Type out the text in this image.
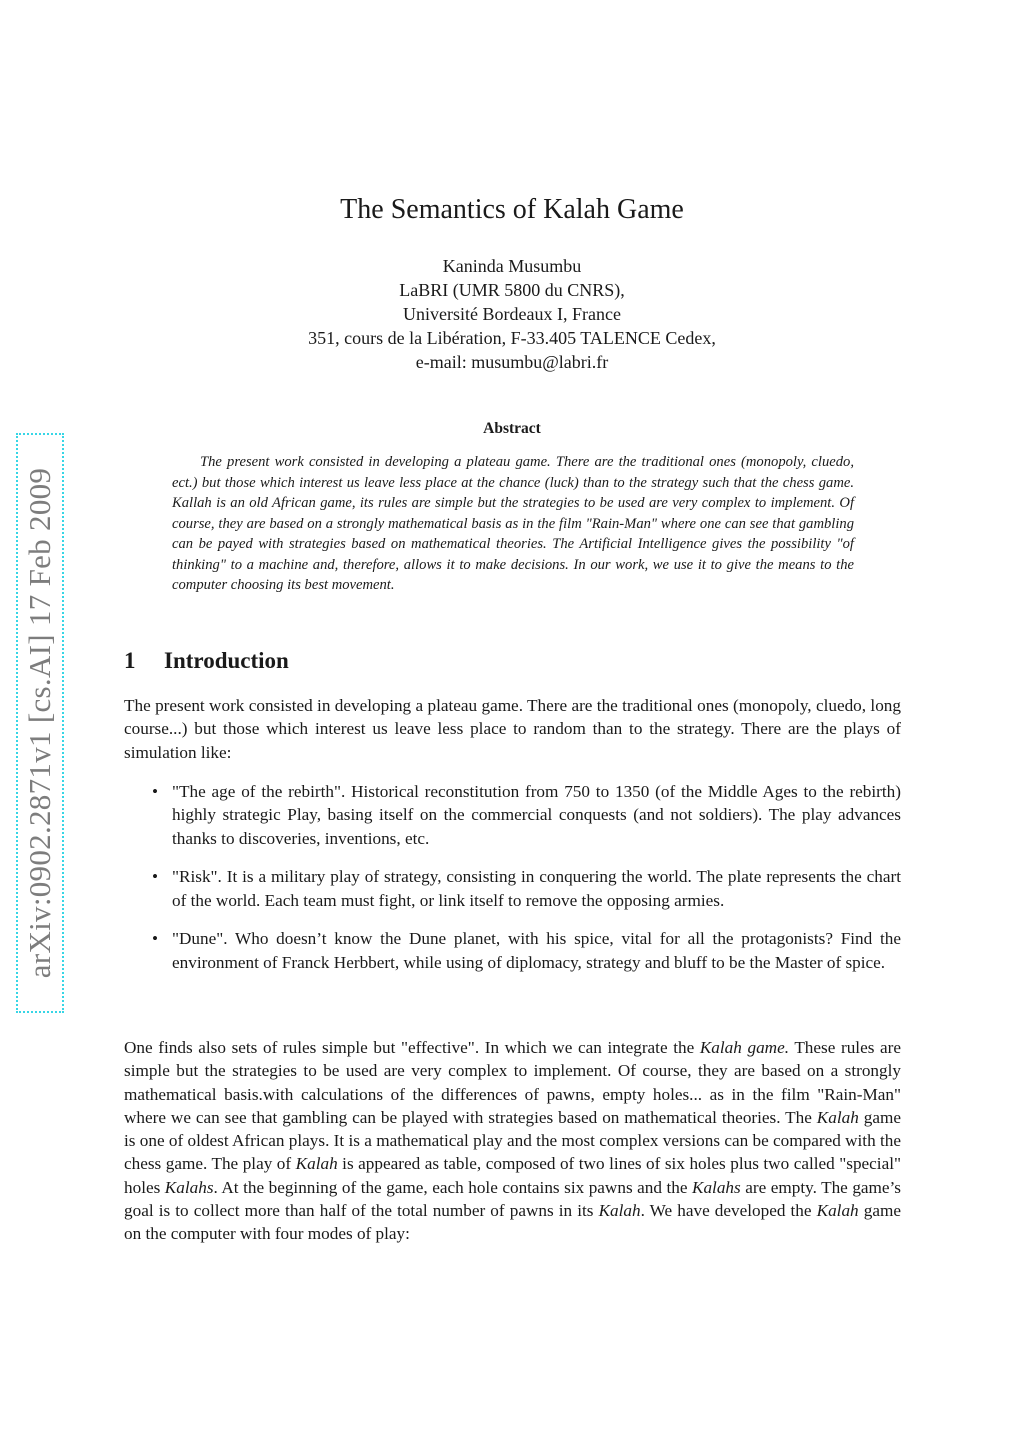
arXiv:0902.2871v1 [cs.AI] 17 Feb 2009
The Semantics of Kalah Game
Kaninda Musumbu
LaBRI (UMR 5800 du CNRS),
Université Bordeaux I, France
351, cours de la Libération, F-33.405 TALENCE Cedex,
e-mail: musumbu@labri.fr
Abstract

The present work consisted in developing a plateau game. There are the traditional ones (monopoly, cluedo, ect.) but those which interest us leave less place at the chance (luck) than to the strategy such that the chess game. Kallah is an old African game, its rules are simple but the strategies to be used are very complex to implement. Of course, they are based on a strongly mathematical basis as in the film "Rain-Man" where one can see that gambling can be payed with strategies based on mathematical theories. The Artificial Intelligence gives the possibility "of thinking" to a machine and, therefore, allows it to make decisions. In our work, we use it to give the means to the computer choosing its best movement.

1 Introduction

The present work consisted in developing a plateau game. There are the traditional ones (monopoly, cluedo, long course...) but those which interest us leave less place to random than to the strategy. There are the plays of simulation like:

• "The age of the rebirth". Historical reconstitution from 750 to 1350 (of the Middle Ages to the rebirth) highly strategic Play, basing itself on the commercial conquests (and not soldiers). The play advances thanks to discoveries, inventions, etc.
• "Risk". It is a military play of strategy, consisting in conquering the world. The plate represents the chart of the world. Each team must fight, or link itself to remove the opposing armies.
• "Dune". Who doesn’t know the Dune planet, with his spice, vital for all the protagonists? Find the environment of Franck Herbbert, while using of diplomacy, strategy and bluff to be the Master of spice.

One finds also sets of rules simple but "effective". In which we can integrate the Kalah game. These rules are simple but the strategies to be used are very complex to implement. Of course, they are based on a strongly mathematical basis.with calculations of the differences of pawns, empty holes... as in the film "Rain-Man" where we can see that gambling can be played with strategies based on mathematical theories. The Kalah game is one of oldest African plays. It is a mathematical play and the most complex versions can be compared with the chess game. The play of Kalah is appeared as table, composed of two lines of six holes plus two called "special" holes Kalahs. At the beginning of the game, each hole contains six pawns and the Kalahs are empty. The game’s goal is to collect more than half of the total number of pawns in its Kalah. We have developed the Kalah game on the computer with four modes of play:
